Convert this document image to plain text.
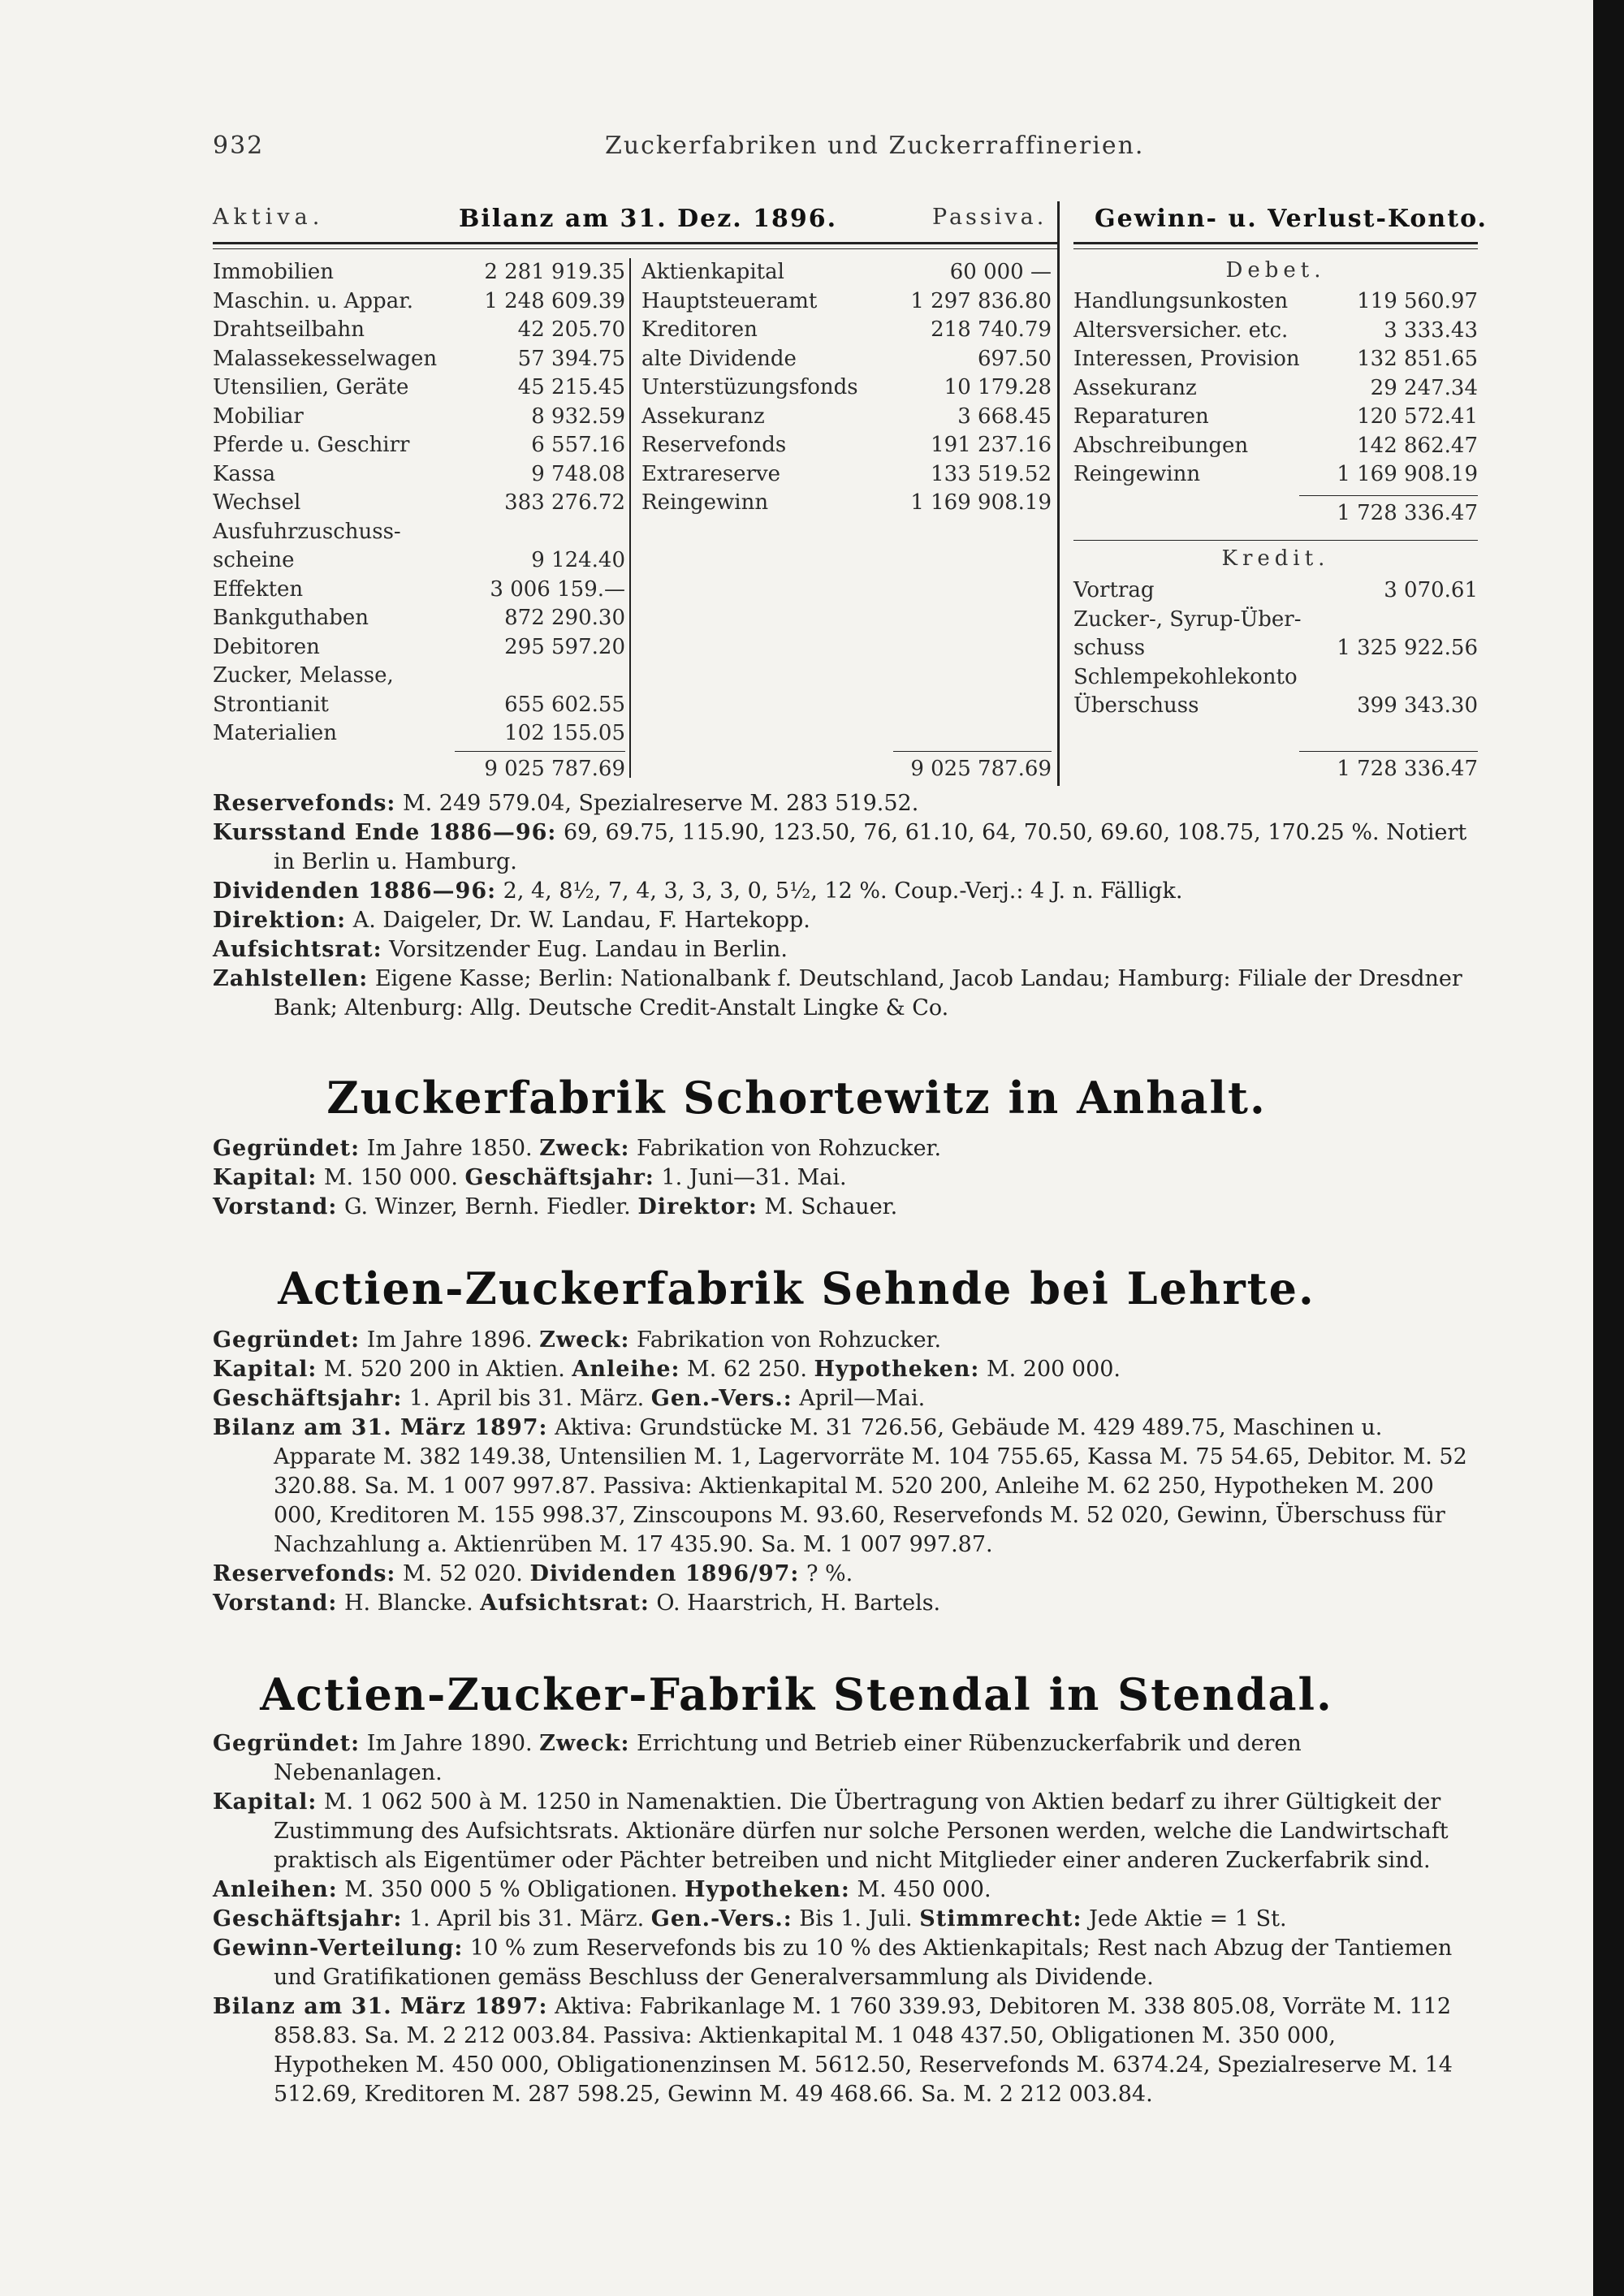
932	Zuckerfabriken und Zuckerraffinerien.
Aktiva.	Bilanz am 31. Dez. 1896.	Passiva. Gewinn- u. Verlust-Konto.
Immobilien	2 281 919.35
Maschin. u. Appar.	1 248 609.39
Drahtseilbahn	42 205.70
Malassekesselwagen	57 394.75
Utensilien, Geräte	45 215.45
Mobiliar	8 932.59
Pferde u. Geschirr	6 557.16
Kassa	9 748.08
Wechsel	383 276.72
Ausfuhrzuschuss-
scheine	9 124.40
Effekten	3 006 159.—
Bankguthaben	872 290.30
Debitoren	295 597.20
Zucker, Melasse,
Strontianit	655 602.55
Materialien	102 155.05
Aktienkapital	60 000 —
Hauptsteueramt	1 297 836.80
Kreditoren	218 740.79
alte Dividende	697.50
Unterstüzungsfonds	10 179.28
Assekuranz	3 668.45
Reservefonds	191 237.16
Extrareserve	133 519.52
Reingewinn	1 169 908.19
Debet.
Handlungsunkosten	119 560.97
Altersversicher. etc.	3 333.43
Interessen, Provision	132 851.65
Assekuranz	29 247.34
Reparaturen	120 572.41
Abschreibungen	142 862.47
Reingewinn	1 169 908.19
1 728 336.47
Kredit.
Vortrag	3 070.61
Zucker-, Syrup-Über-
schuss	1 325 922.56
Schlempekohlekonto
Überschuss	399 343.30
9 025 787.69	9 025 787.69	1 728 336.47
Reservefonds: M. 249 579.04, Spezialreserve M. 283 519.52.
Kursstand Ende 1886—96: 69, 69.75, 115.90, 123.50, 76, 61.10, 64, 70.50, 69.60, 108.75, 170.25 %. Notiert in Berlin u. Hamburg.
Dividenden 1886—96: 2, 4, 8½, 7, 4, 3, 3, 3, 0, 5½, 12 %. Coup.-Verj.: 4 J. n. Fälligk.
Direktion: A. Daigeler, Dr. W. Landau, F. Hartekopp.
Aufsichtsrat: Vorsitzender Eug. Landau in Berlin.
Zahlstellen: Eigene Kasse; Berlin: Nationalbank f. Deutschland, Jacob Landau; Hamburg: Filiale der Dresdner Bank; Altenburg: Allg. Deutsche Credit-Anstalt Lingke & Co.
Zuckerfabrik Schortewitz in Anhalt.
Gegründet: Im Jahre 1850. Zweck: Fabrikation von Rohzucker.
Kapital: M. 150 000. Geschäftsjahr: 1. Juni—31. Mai.
Vorstand: G. Winzer, Bernh. Fiedler. Direktor: M. Schauer.
Actien-Zuckerfabrik Sehnde bei Lehrte.
Gegründet: Im Jahre 1896. Zweck: Fabrikation von Rohzucker.
Kapital: M. 520 200 in Aktien. Anleihe: M. 62 250. Hypotheken: M. 200 000.
Geschäftsjahr: 1. April bis 31. März. Gen.-Vers.: April—Mai.
Bilanz am 31. März 1897: Aktiva: Grundstücke M. 31 726.56, Gebäude M. 429 489.75, Maschinen u. Apparate M. 382 149.38, Untensilien M. 1, Lagervorräte M. 104 755.65, Kassa M. 75 54.65, Debitor. M. 52 320.88. Sa. M. 1 007 997.87. Passiva: Aktienkapital M. 520 200, Anleihe M. 62 250, Hypotheken M. 200 000, Kreditoren M. 155 998.37, Zinscoupons M. 93.60, Reservefonds M. 52 020, Gewinn, Überschuss für Nachzahlung a. Aktienrüben M. 17 435.90. Sa. M. 1 007 997.87.
Reservefonds: M. 52 020. Dividenden 1896/97: ? %.
Vorstand: H. Blancke. Aufsichtsrat: O. Haarstrich, H. Bartels.
Actien-Zucker-Fabrik Stendal in Stendal.
Gegründet: Im Jahre 1890. Zweck: Errichtung und Betrieb einer Rübenzuckerfabrik und deren Nebenanlagen.
Kapital: M. 1 062 500 à M. 1250 in Namenaktien. Die Übertragung von Aktien bedarf zu ihrer Gültigkeit der Zustimmung des Aufsichtsrats. Aktionäre dürfen nur solche Personen werden, welche die Landwirtschaft praktisch als Eigentümer oder Pächter betreiben und nicht Mitglieder einer anderen Zuckerfabrik sind.
Anleihen: M. 350 000 5 % Obligationen. Hypotheken: M. 450 000.
Geschäftsjahr: 1. April bis 31. März. Gen.-Vers.: Bis 1. Juli. Stimmrecht: Jede Aktie = 1 St.
Gewinn-Verteilung: 10 % zum Reservefonds bis zu 10 % des Aktienkapitals; Rest nach Abzug der Tantiemen und Gratifikationen gemäss Beschluss der Generalversammlung als Dividende.
Bilanz am 31. März 1897: Aktiva: Fabrikanlage M. 1 760 339.93, Debitoren M. 338 805.08, Vorräte M. 112 858.83. Sa. M. 2 212 003.84. Passiva: Aktienkapital M. 1 048 437.50, Obligationen M. 350 000, Hypotheken M. 450 000, Obligationenzinsen M. 5612.50, Reservefonds M. 6374.24, Spezialreserve M. 14 512.69, Kreditoren M. 287 598.25, Gewinn M. 49 468.66. Sa. M. 2 212 003.84.
